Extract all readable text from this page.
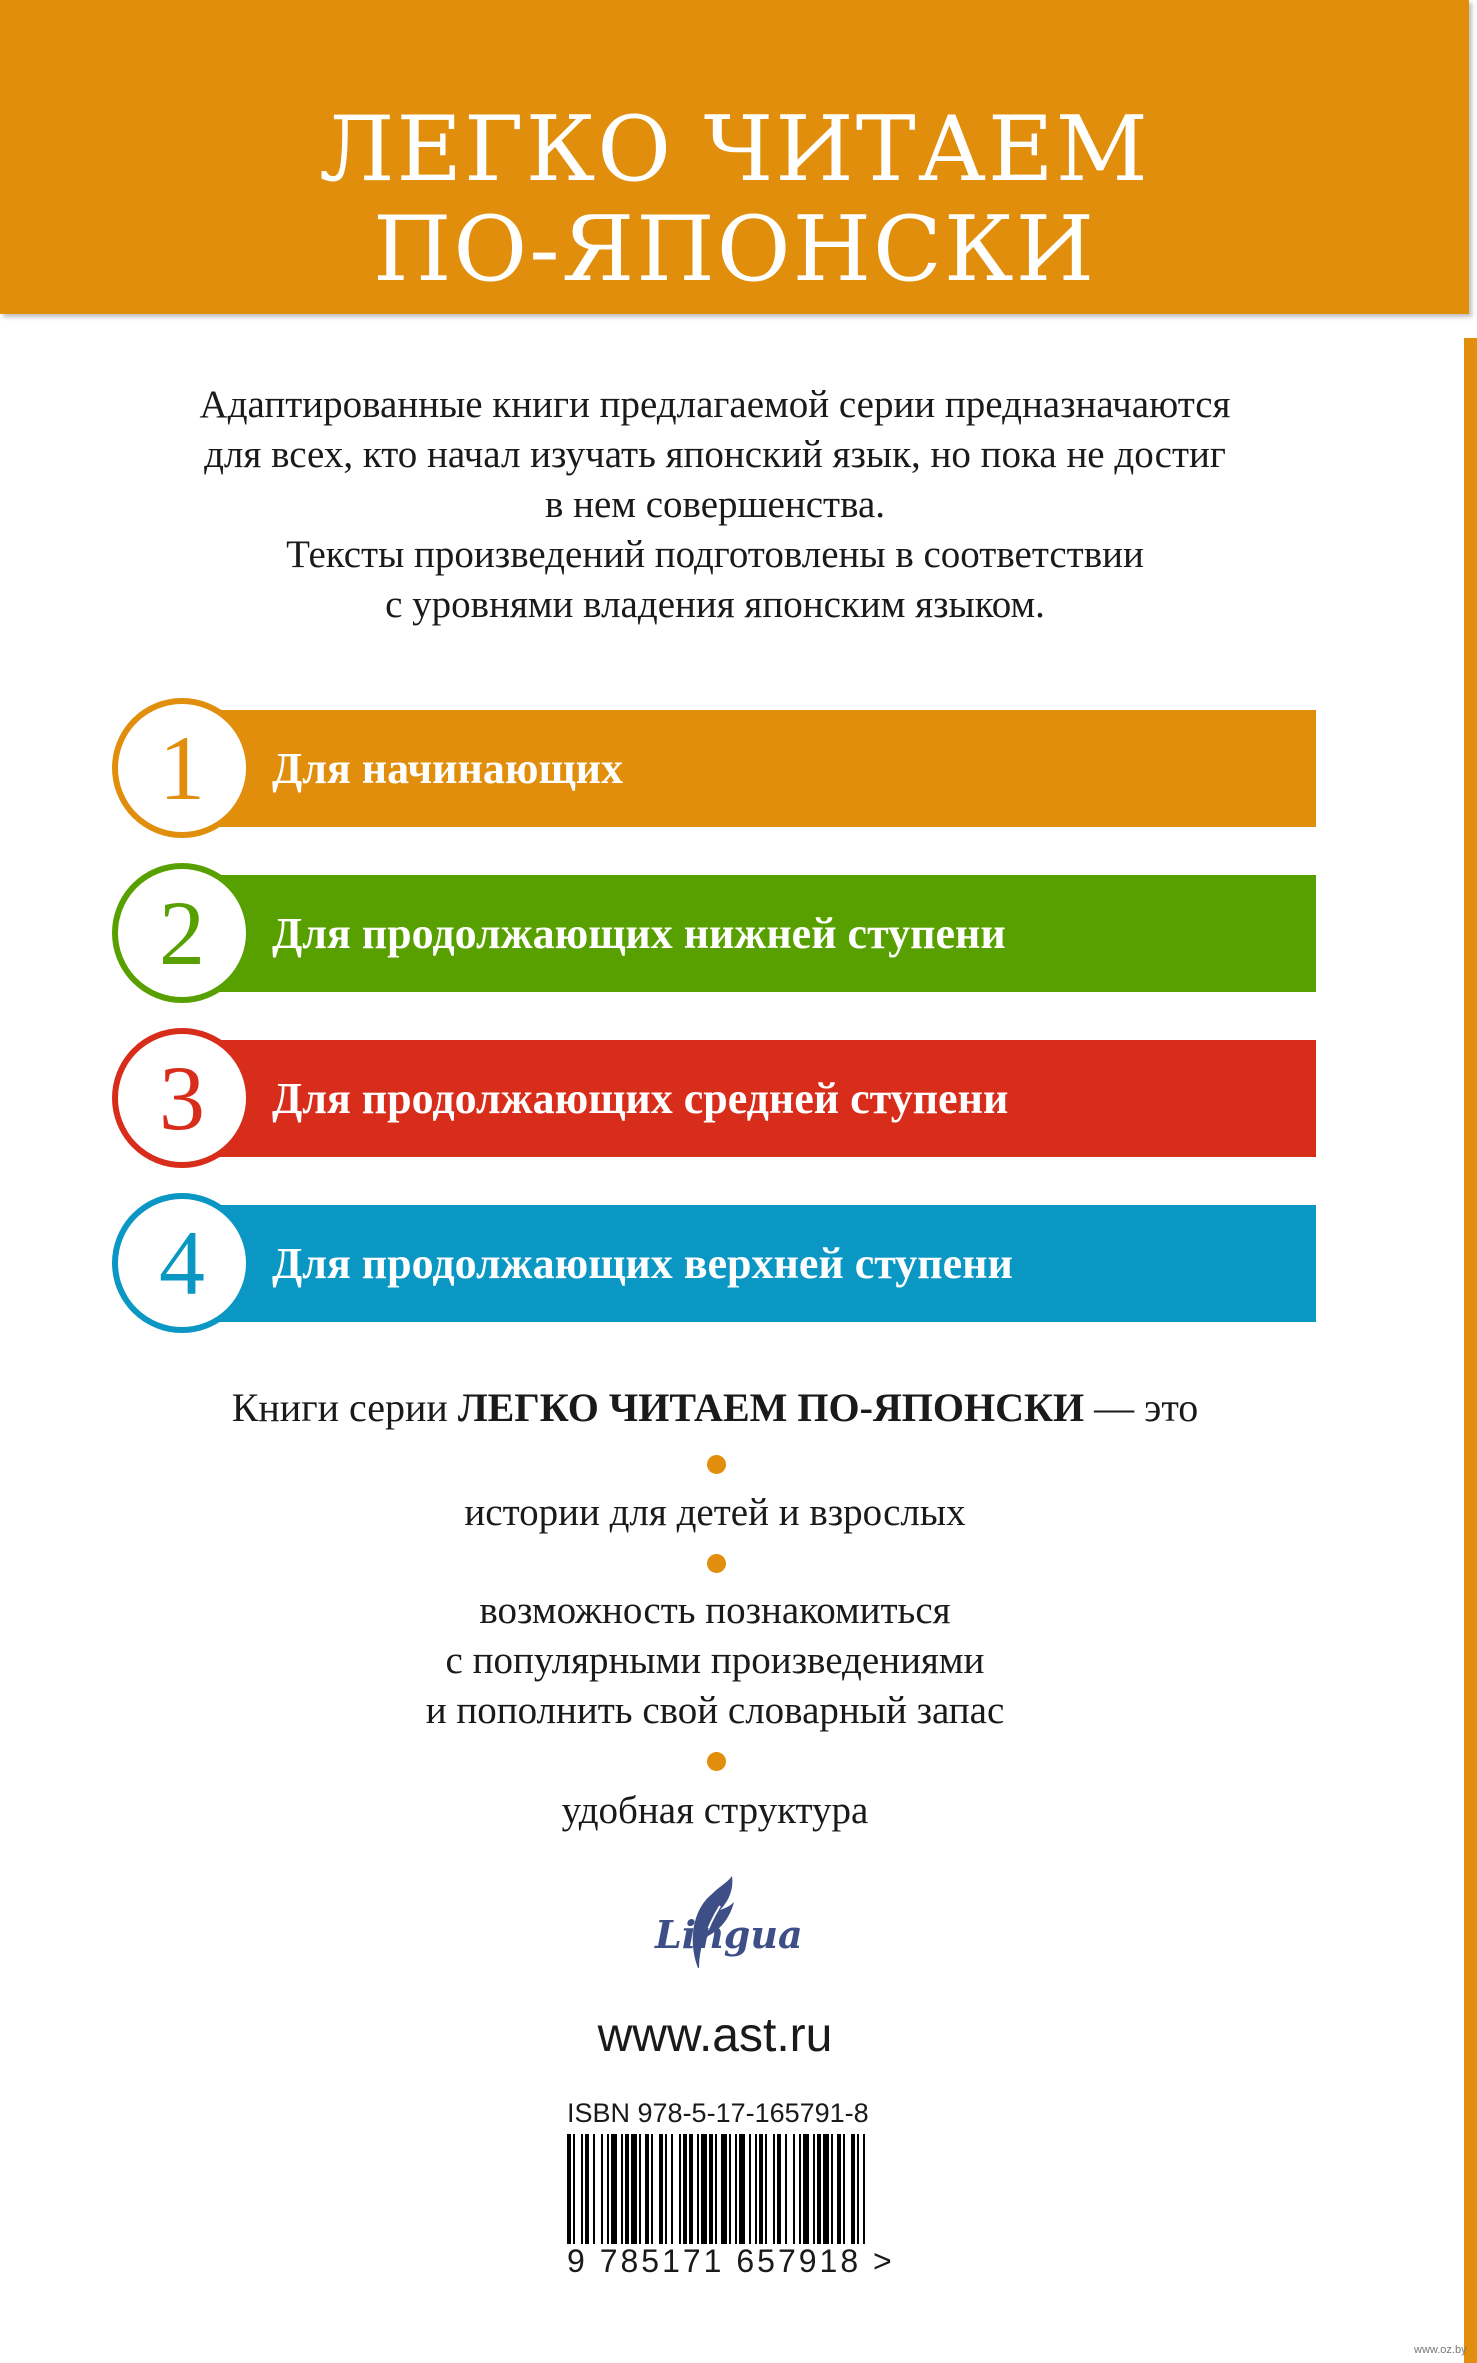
ЛЕГКО ЧИТАЕМ
ПО-ЯПОНСКИ
Адаптированные книги предлагаемой серии предназначаются
для всех, кто начал изучать японский язык, но пока не достиг
в нем совершенства.
Тексты произведений подготовлены в соответствии
с уровнями владения японским языком.
Для начинающих
1
Для продолжающих нижней ступени
2
Для продолжающих средней ступени
3
Для продолжающих верхней ступени
4
Книги серии ЛЕГКО ЧИТАЕМ ПО-ЯПОНСКИ — это
истории для детей и взрослых
возможность познакомиться
с популярными произведениями
и пополнить свой словарный запас
удобная структура
Lingua
www.ast.ru
ISBN 978-5-17-165791-8
9 785171 657918 >
www.oz.by
